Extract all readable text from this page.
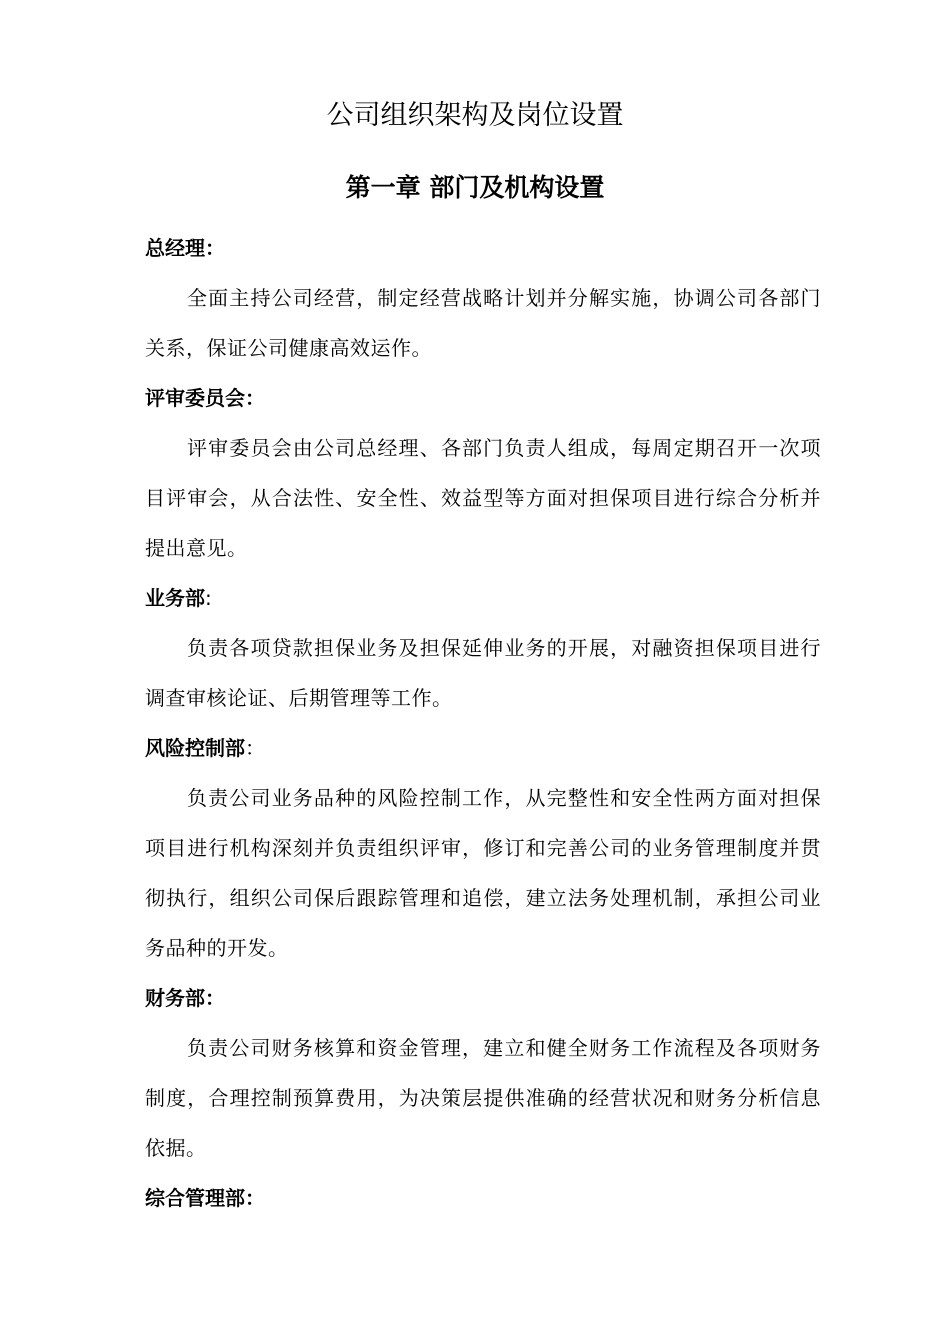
公司组织架构及岗位设置
第一章 部门及机构设置

总经理：

全面主持公司经营，制定经营战略计划并分解实施，协调公司各部门关系，保证公司健康高效运作。

评审委员会：

评审委员会由公司总经理、各部门负责人组成，每周定期召开一次项目评审会，从合法性、安全性、效益型等方面对担保项目进行综合分析并提出意见。

业务部:

负责各项贷款担保业务及担保延伸业务的开展，对融资担保项目进行调查审核论证、后期管理等工作。

风险控制部：

负责公司业务品种的风险控制工作，从完整性和安全性两方面对担保项目进行机构深刻并负责组织评审，修订和完善公司的业务管理制度并贯彻执行，组织公司保后跟踪管理和追偿，建立法务处理机制，承担公司业务品种的开发。

财务部：

负责公司财务核算和资金管理，建立和健全财务工作流程及各项财务制度，合理控制预算费用，为决策层提供准确的经营状况和财务分析信息依据。

综合管理部：
